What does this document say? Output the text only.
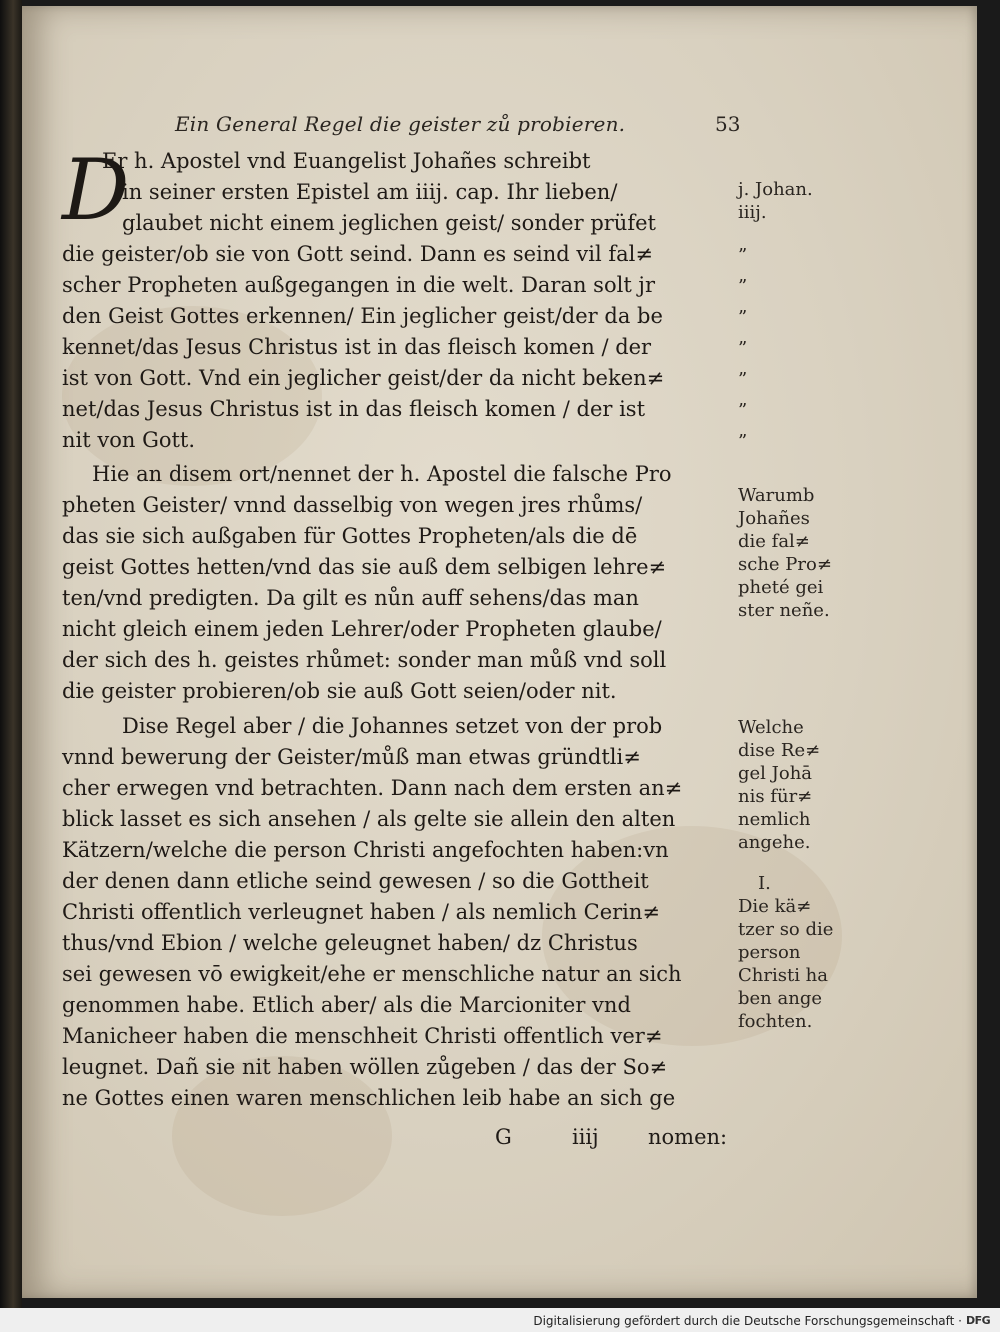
Ein General Regel die geister zů probieren.	53
D
Er h. Apostel vnd Euangelist Johañes schreibt
in seiner ersten Epistel am iiij. cap. Ihr lieben/
glaubet nicht einem jeglichen geist/ sonder prüfet
die geister/ob sie von Gott seind. Dann es seind vil fal≠
scher Propheten außgegangen in die welt. Daran solt jr
den Geist Gottes erkennen/ Ein jeglicher geist/der da be
kennet/das Jesus Christus ist in das fleisch komen / der
ist von Gott. Vnd ein jeglicher geist/der da nicht beken≠
net/das Jesus Christus ist in das fleisch komen / der ist
nit von Gott.
Hie an disem ort/nennet der h. Apostel die falsche Pro
pheten Geister/ vnnd dasselbig von wegen jres rhůms/
das sie sich außgaben für Gottes Propheten/als die dē
geist Gottes hetten/vnd das sie auß dem selbigen lehre≠
ten/vnd predigten. Da gilt es nůn auff sehens/das man
nicht gleich einem jeden Lehrer/oder Propheten glaube/
der sich des h. geistes rhůmet: sonder man můß vnd soll
die geister probieren/ob sie auß Gott seien/oder nit.
Dise Regel aber / die Johannes setzet von der prob
vnnd bewerung der Geister/můß man etwas gründtli≠
cher erwegen vnd betrachten. Dann nach dem ersten an≠
blick lasset es sich ansehen / als gelte sie allein den alten
Kätzern/welche die person Christi angefochten haben:vn
der denen dann etliche seind gewesen / so die Gottheit
Christi offentlich verleugnet haben / als nemlich Cerin≠
thus/vnd Ebion / welche geleugnet haben/ dz Christus
sei gewesen vō ewigkeit/ehe er menschliche natur an sich
genommen habe. Etlich aber/ als die Marcioniter vnd
Manicheer haben die menschheit Christi offentlich ver≠
leugnet. Dañ sie nit haben wöllen zůgeben / das der So≠
ne Gottes einen waren menschlichen leib habe an sich ge
G	iiij nomen:
j. Johan.
iiij.
”
”
”
”
”
”
”
Warumb
Johañes
die fal≠
sche Pro≠
pheté gei
ster neñe.
Welche
dise Re≠
gel Johā
nis für≠
nemlich
angehe.
I.
Die kä≠
tzer so die
person
Christi ha
ben ange
fochten.
Digitalisierung gefördert durch die Deutsche Forschungsgemeinschaft · DFG
